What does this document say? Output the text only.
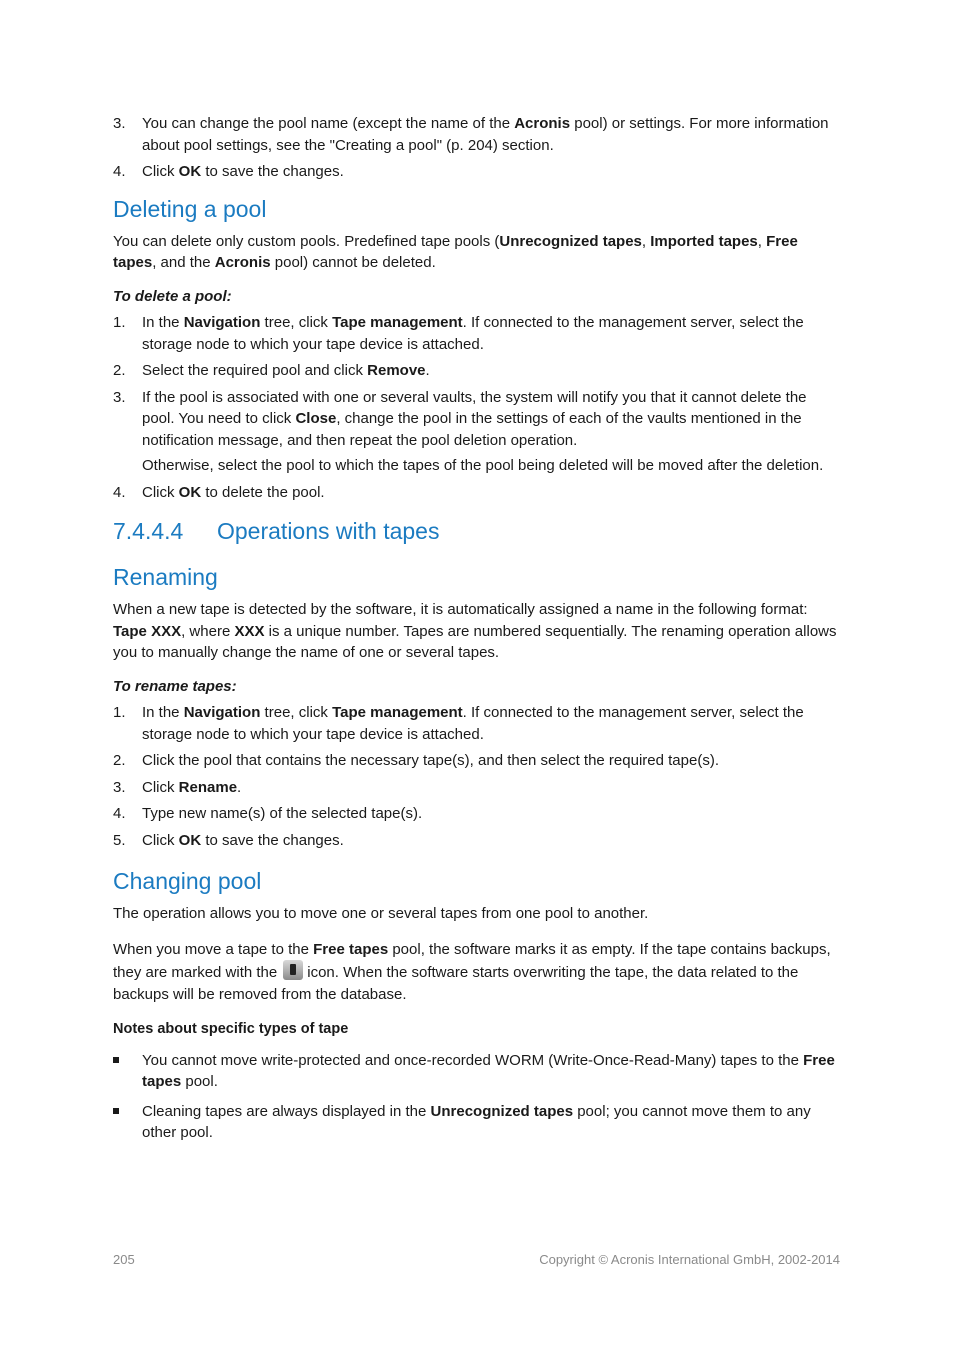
3. You can change the pool name (except the name of the Acronis pool) or settings. For more information about pool settings, see the "Creating a pool" (p. 204) section.
4. Click OK to save the changes.
Deleting a pool

You can delete only custom pools. Predefined tape pools (Unrecognized tapes, Imported tapes, Free tapes, and the Acronis pool) cannot be deleted.

To delete a pool:

1. In the Navigation tree, click Tape management. If connected to the management server, select the storage node to which your tape device is attached.
2. Select the required pool and click Remove.
3. If the pool is associated with one or several vaults, the system will notify you that it cannot delete the pool. You need to click Close, change the pool in the settings of each of the vaults mentioned in the notification message, and then repeat the pool deletion operation.
Otherwise, select the pool to which the tapes of the pool being deleted will be moved after the deletion.
4. Click OK to delete the pool.
7.4.4.4 Operations with tapes
Renaming

When a new tape is detected by the software, it is automatically assigned a name in the following format: Tape XXX, where XXX is a unique number. Tapes are numbered sequentially. The renaming operation allows you to manually change the name of one or several tapes.

To rename tapes:

1. In the Navigation tree, click Tape management. If connected to the management server, select the storage node to which your tape device is attached.
2. Click the pool that contains the necessary tape(s), and then select the required tape(s).
3. Click Rename.
4. Type new name(s) of the selected tape(s).
5. Click OK to save the changes.
Changing pool

The operation allows you to move one or several tapes from one pool to another.

When you move a tape to the Free tapes pool, the software marks it as empty. If the tape contains backups, they are marked with the icon. When the software starts overwriting the tape, the data related to the backups will be removed from the database.

Notes about specific types of tape

You cannot move write-protected and once-recorded WORM (Write-Once-Read-Many) tapes to the Free tapes pool.
Cleaning tapes are always displayed in the Unrecognized tapes pool; you cannot move them to any other pool.
205	Copyright © Acronis International GmbH, 2002-2014
